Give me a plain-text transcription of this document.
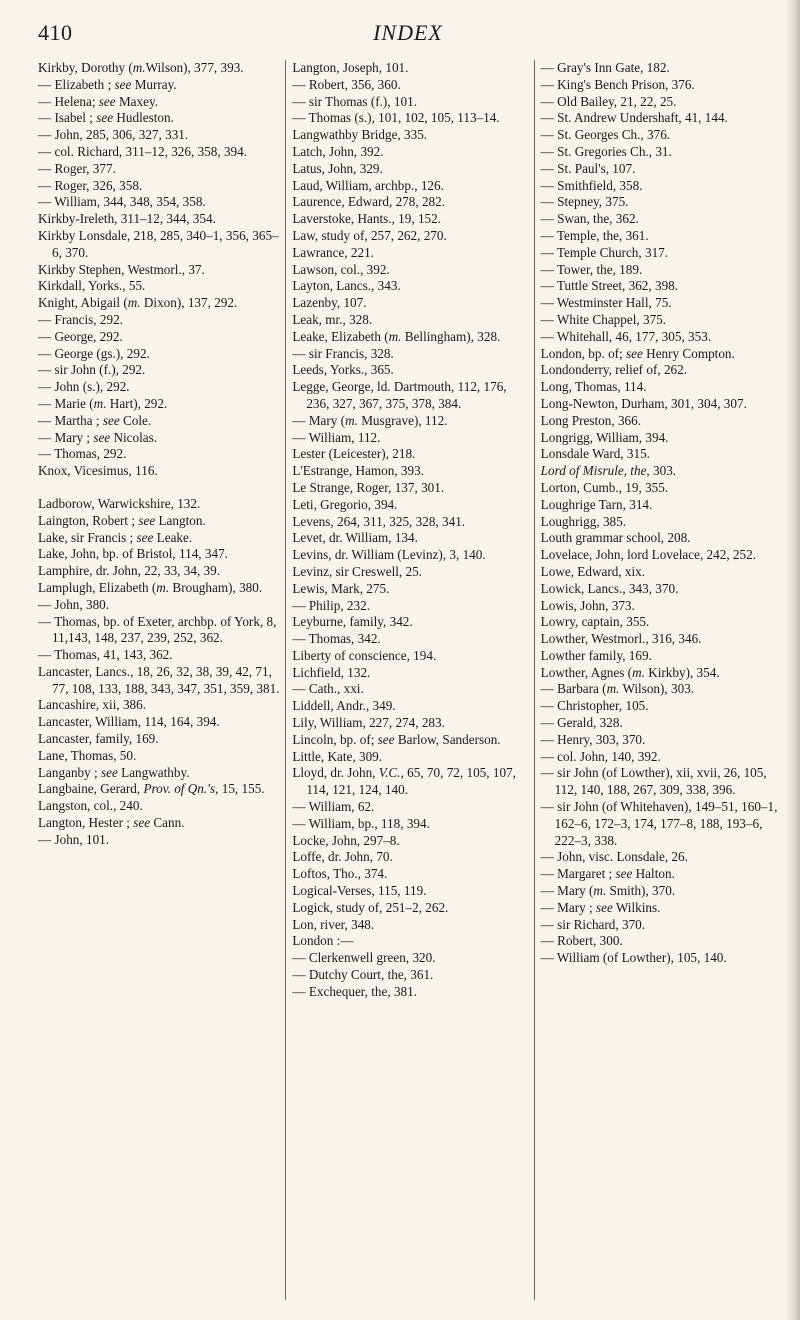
410	INDEX
Kirkby, Dorothy (m.Wilson), 377, 393.
— Elizabeth ; see Murray.
— Helena; see Maxey.
— Isabel ; see Hudleston.
— John, 285, 306, 327, 331.
— col. Richard, 311–12, 326, 358, 394.
— Roger, 377.
— Roger, 326, 358.
— William, 344, 348, 354, 358.
Kirkby-Ireleth, 311–12, 344, 354.
Kirkby Lonsdale, 218, 285, 340–1, 356, 365–6, 370.
Kirkby Stephen, Westmorl., 37.
Kirkdall, Yorks., 55.
Knight, Abigail (m. Dixon), 137, 292.
— Francis, 292.
— George, 292.
— George (gs.), 292.
— sir John (f.), 292.
— John (s.), 292.
— Marie (m. Hart), 292.
— Martha ; see Cole.
— Mary ; see Nicolas.
— Thomas, 292.
Knox, Vicesimus, 116.
Ladborow, Warwickshire, 132.
Laington, Robert ; see Langton.
Lake, sir Francis ; see Leake.
Lake, John, bp. of Bristol, 114, 347.
Lamphire, dr. John, 22, 33, 34, 39.
Lamplugh, Elizabeth (m. Brougham), 380.
— John, 380.
— Thomas, bp. of Exeter, archbp. of York, 8, 11,143, 148, 237, 239, 252, 362.
— Thomas, 41, 143, 362.
Lancaster, Lancs., 18, 26, 32, 38, 39, 42, 71, 77, 108, 133, 188, 343, 347, 351, 359, 381.
Lancashire, xii, 386.
Lancaster, William, 114, 164, 394.
Lancaster, family, 169.
Lane, Thomas, 50.
Langanby ; see Langwathby.
Langbaine, Gerard, Prov. of Qn.'s, 15, 155.
Langston, col., 240.
Langton, Hester ; see Cann.
— John, 101.
Langton, Joseph, 101.
— Robert, 356, 360.
— sir Thomas (f.), 101.
— Thomas (s.), 101, 102, 105, 113–14.
Langwathby Bridge, 335.
Latch, John, 392.
Latus, John, 329.
Laud, William, archbp., 126.
Laurence, Edward, 278, 282.
Laverstoke, Hants., 19, 152.
Law, study of, 257, 262, 270.
Lawrance, 221.
Lawson, col., 392.
Layton, Lancs., 343.
Lazenby, 107.
Leak, mr., 328.
Leake, Elizabeth (m. Bellingham), 328.
— sir Francis, 328.
Leeds, Yorks., 365.
Legge, George, ld. Dartmouth, 112, 176, 236, 327, 367, 375, 378, 384.
— Mary (m. Musgrave), 112.
— William, 112.
Lester (Leicester), 218.
L'Estrange, Hamon, 393.
Le Strange, Roger, 137, 301.
Leti, Gregorio, 394.
Levens, 264, 311, 325, 328, 341.
Levet, dr. William, 134.
Levins, dr. William (Levinz), 3, 140.
Levinz, sir Creswell, 25.
Lewis, Mark, 275.
— Philip, 232.
Leyburne, family, 342.
— Thomas, 342.
Liberty of conscience, 194.
Lichfield, 132.
— Cath., xxi.
Liddell, Andr., 349.
Lily, William, 227, 274, 283.
Lincoln, bp. of; see Barlow, Sanderson.
Little, Kate, 309.
Lloyd, dr. John, V.C., 65, 70, 72, 105, 107, 114, 121, 124, 140.
— William, 62.
— William, bp., 118, 394.
Locke, John, 297–8.
Loffe, dr. John, 70.
Loftos, Tho., 374.
Logical-Verses, 115, 119.
Logick, study of, 251–2, 262.
Lon, river, 348.
London :—
— Clerkenwell green, 320.
— Dutchy Court, the, 361.
— Exchequer, the, 381.
— Gray's Inn Gate, 182.
— King's Bench Prison, 376.
— Old Bailey, 21, 22, 25.
— St. Andrew Undershaft, 41, 144.
— St. Georges Ch., 376.
— St. Gregories Ch., 31.
— St. Paul's, 107.
— Smithfield, 358.
— Stepney, 375.
— Swan, the, 362.
— Temple, the, 361.
— Temple Church, 317.
— Tower, the, 189.
— Tuttle Street, 362, 398.
— Westminster Hall, 75.
— White Chappel, 375.
— Whitehall, 46, 177, 305, 353.
London, bp. of; see Henry Compton.
Londonderry, relief of, 262.
Long, Thomas, 114.
Long-Newton, Durham, 301, 304, 307.
Long Preston, 366.
Longrigg, William, 394.
Lonsdale Ward, 315.
Lord of Misrule, the, 303.
Lorton, Cumb., 19, 355.
Loughrige Tarn, 314.
Loughrigg, 385.
Louth grammar school, 208.
Lovelace, John, lord Lovelace, 242, 252.
Lowe, Edward, xix.
Lowick, Lancs., 343, 370.
Lowis, John, 373.
Lowry, captain, 355.
Lowther, Westmorl., 316, 346.
Lowther family, 169.
Lowther, Agnes (m. Kirkby), 354.
— Barbara (m. Wilson), 303.
— Christopher, 105.
— Gerald, 328.
— Henry, 303, 370.
— col. John, 140, 392.
— sir John (of Lowther), xii, xvii, 26, 105, 112, 140, 188, 267, 309, 338, 396.
— sir John (of Whitehaven), 149–51, 160–1, 162–6, 172–3, 174, 177–8, 188, 193–6, 222–3, 338.
— John, visc. Lonsdale, 26.
— Margaret ; see Halton.
— Mary (m. Smith), 370.
— Mary ; see Wilkins.
— sir Richard, 370.
— Robert, 300.
— William (of Lowther), 105, 140.
